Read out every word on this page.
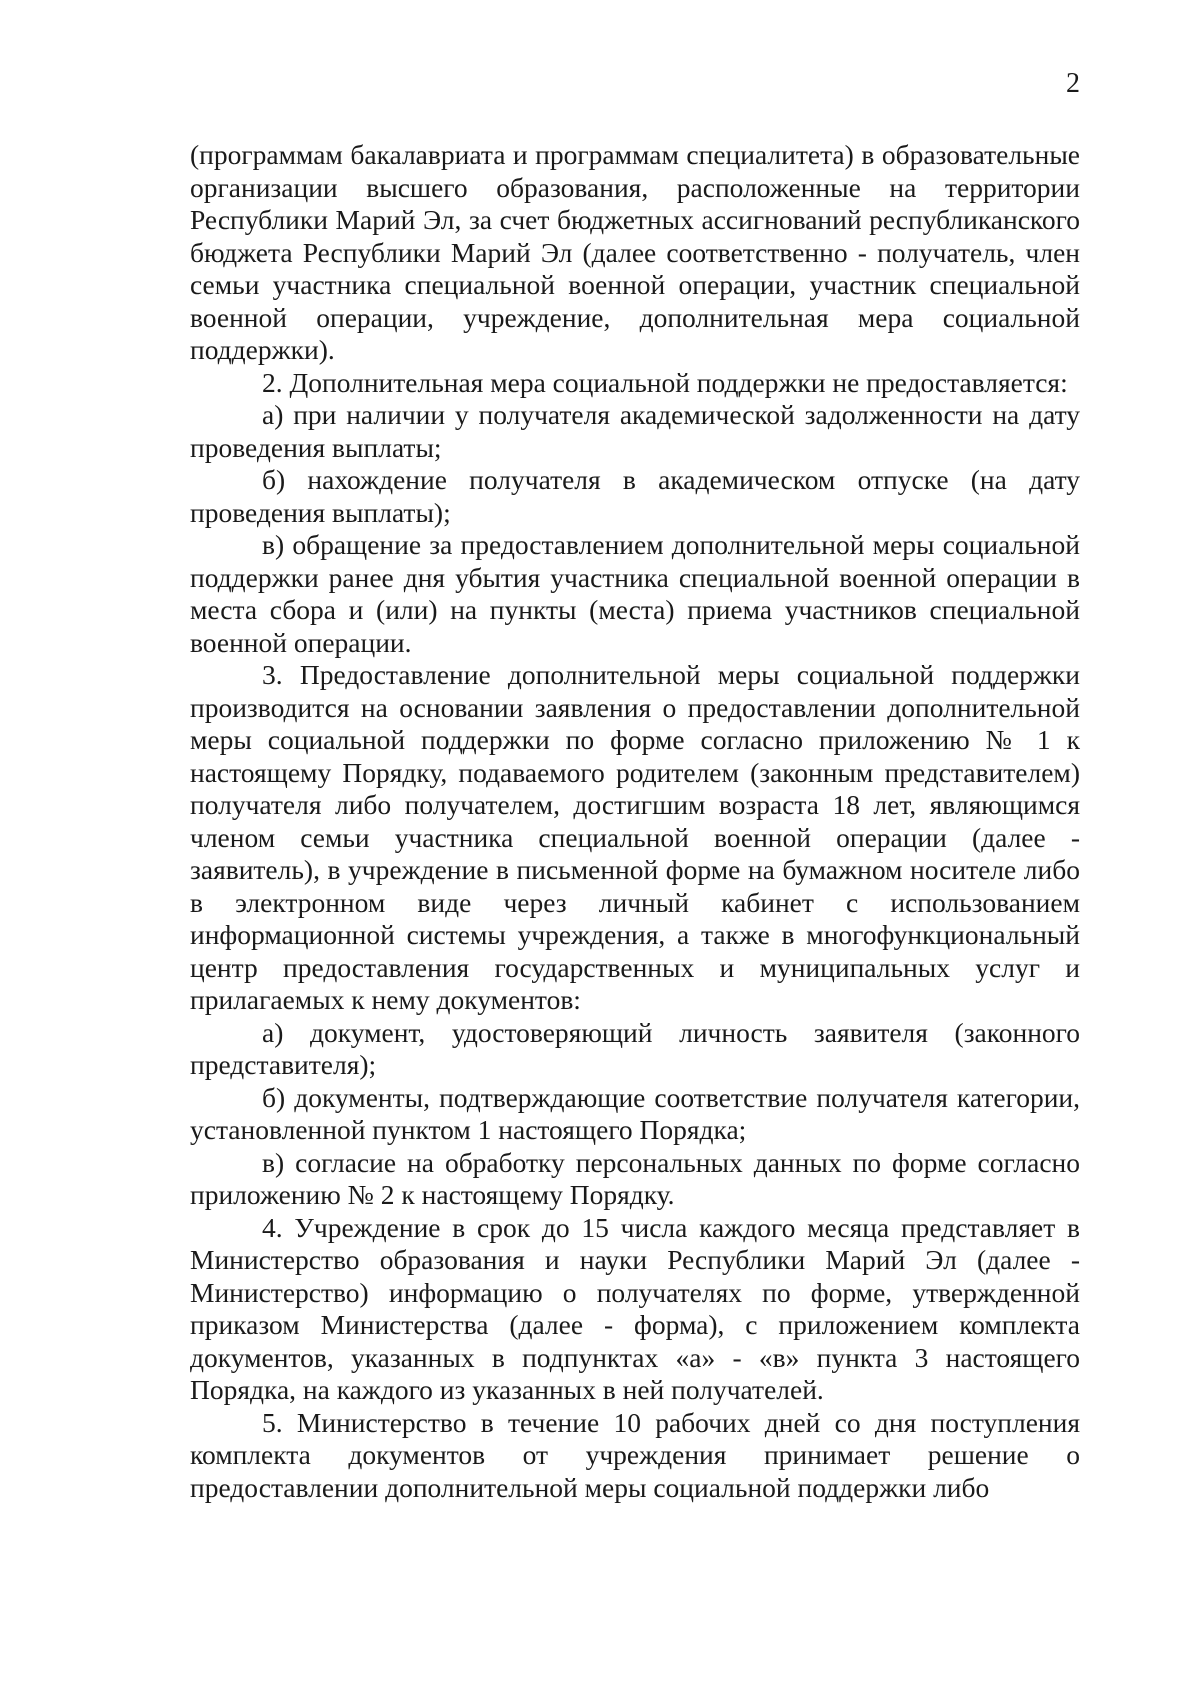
2

(программам бакалавриата и программам специалитета) в образовательные организации высшего образования, расположенные на территории Республики Марий Эл, за счет бюджетных ассигнований республиканского бюджета Республики Марий Эл (далее соответственно - получатель, член семьи участника специальной военной операции, участник специальной военной операции, учреждение, дополнительная мера социальной поддержки).

2. Дополнительная мера социальной поддержки не предоставляется:

а) при наличии у получателя академической задолженности на дату проведения выплаты;

б) нахождение получателя в академическом отпуске (на дату проведения выплаты);

в) обращение за предоставлением дополнительной меры социальной поддержки ранее дня убытия участника специальной военной операции в места сбора и (или) на пункты (места) приема участников специальной военной операции.

3. Предоставление дополнительной меры социальной поддержки производится на основании заявления о предоставлении дополнительной меры социальной поддержки по форме согласно приложению № 1 к настоящему Порядку, подаваемого родителем (законным представителем) получателя либо получателем, достигшим возраста 18 лет, являющимся членом семьи участника специальной военной операции (далее - заявитель), в учреждение в письменной форме на бумажном носителе либо в электронном виде через личный кабинет с использованием информационной системы учреждения, а также в многофункциональный центр предоставления государственных и муниципальных услуг и прилагаемых к нему документов:

а) документ, удостоверяющий личность заявителя (законного представителя);

б) документы, подтверждающие соответствие получателя категории, установленной пунктом 1 настоящего Порядка;

в) согласие на обработку персональных данных по форме согласно приложению № 2 к настоящему Порядку.

4. Учреждение в срок до 15 числа каждого месяца представляет в Министерство образования и науки Республики Марий Эл (далее - Министерство) информацию о получателях по форме, утвержденной приказом Министерства (далее - форма), с приложением комплекта документов, указанных в подпунктах «а» - «в» пункта 3 настоящего Порядка, на каждого из указанных в ней получателей.

5. Министерство в течение 10 рабочих дней со дня поступления комплекта документов от учреждения принимает решение о предоставлении дополнительной меры социальной поддержки либо
